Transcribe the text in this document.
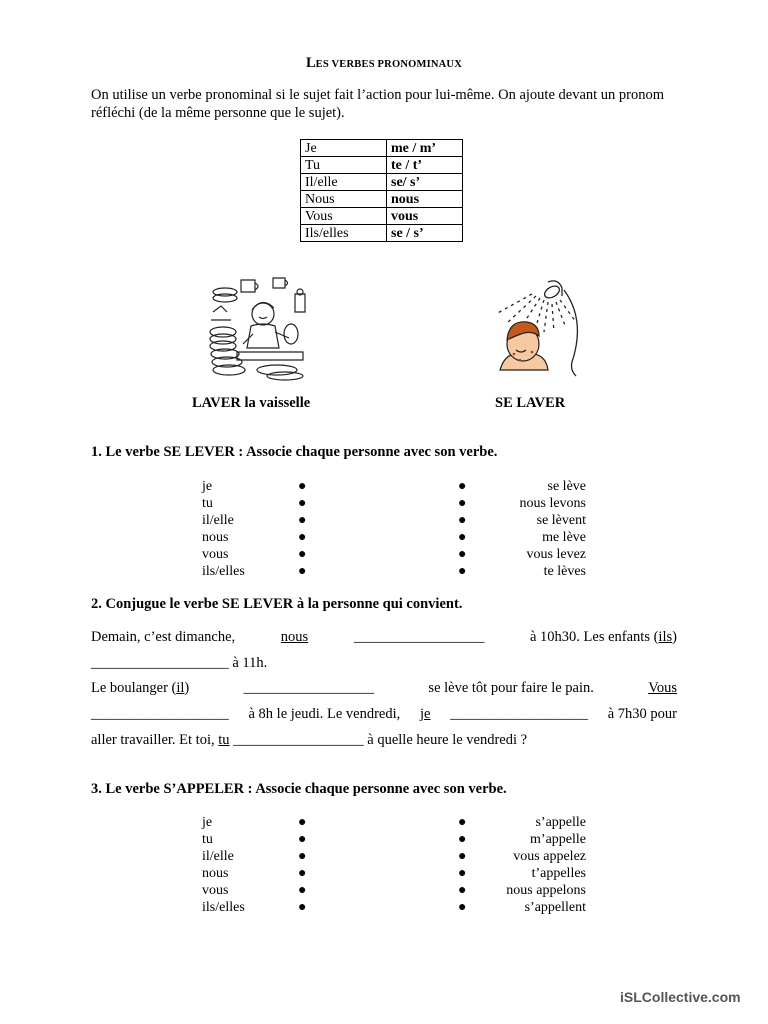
LES VERBES PRONOMINAUX
On utilise un verbe pronominal si le sujet fait l’action pour lui-même. On ajoute devant un pronom réfléchi (de la même personne que le sujet).
Je	me / m’
Tu	te / t’
Il/elle	se/ s’
Nous	nous
Vous	vous
Ils/elles	se / s’
LAVER la vaisselle	SE LAVER
1. Le verbe SE LEVER : Associe chaque personne avec son verbe.
je	●	●	se lève
tu	●	●	nous levons
il/elle	●	●	se lèvent
nous	●	●	me lève
vous	●	●	vous levez
ils/elles	●	●	te lèves
2. Conjugue le verbe SE LEVER à la personne qui convient.
Demain, c’est dimanche,	nous	__________________	à 10h30. Les enfants (ils)
___________________ à 11h.
Le boulanger (il)	__________________	se lève tôt pour faire le pain.	Vous
___________________ à 8h le jeudi. Le vendredi, je ___________________ à 7h30 pour
aller travailler. Et toi, tu __________________ à quelle heure le vendredi ?
3. Le verbe S’APPELER : Associe chaque personne avec son verbe.
je	●	●	s’appelle
tu	●	●	m’appelle
il/elle	●	●	vous appelez
nous	●	●	t’appelles
vous	●	●	nous appelons
ils/elles	●	●	s’appellent
iSLCollective.com
